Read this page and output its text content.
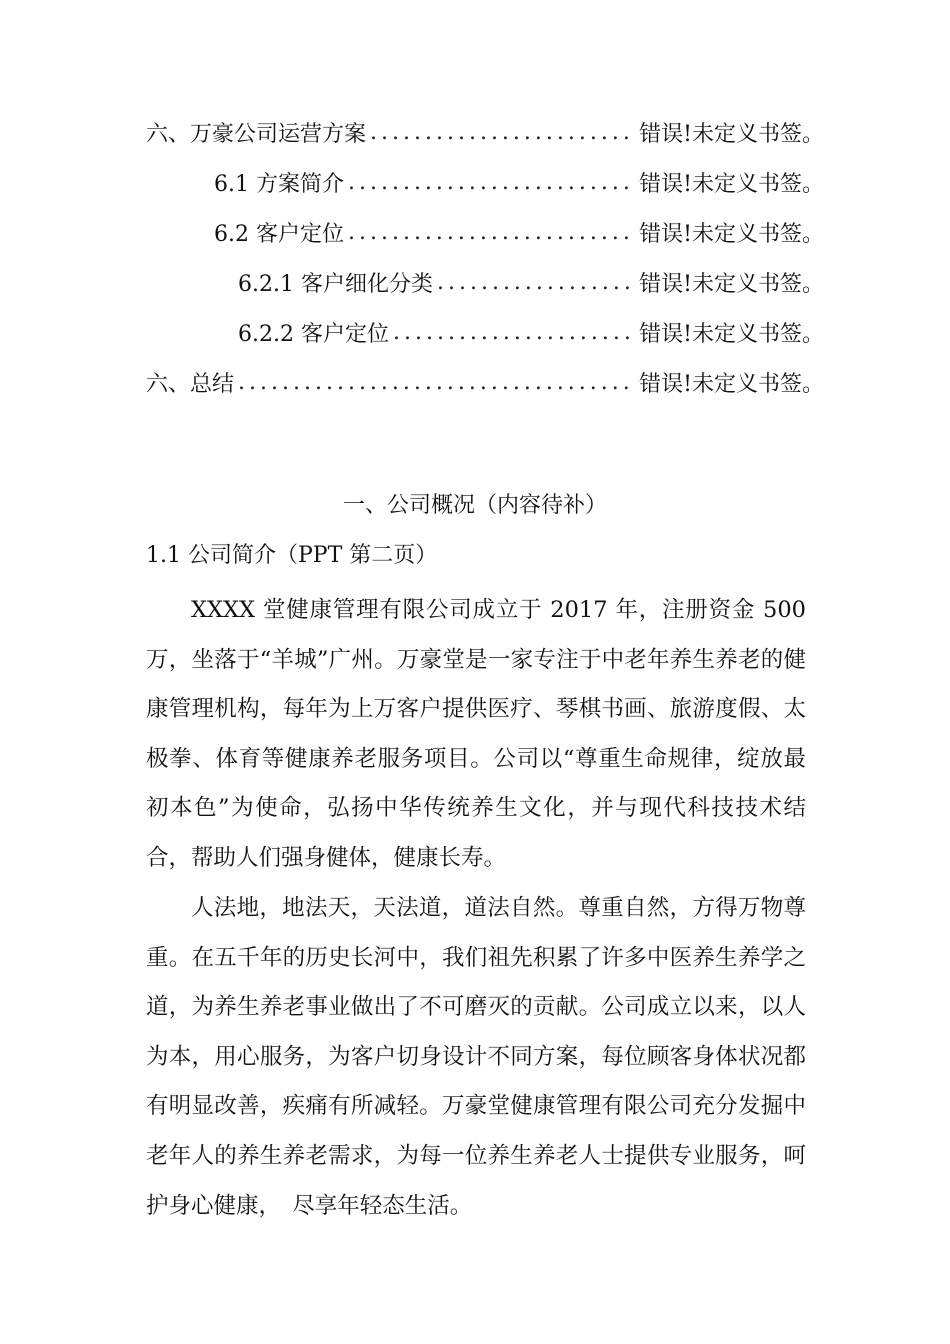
六、万豪公司运营方案 .....	错误!未定义书签。
6.1 方案简介 .....	错误!未定义书签。
6.2 客户定位 .....	错误!未定义书签。
6.2.1 客户细化分类 .....	错误!未定义书签。
6.2.2 客户定位 .....	错误!未定义书签。
六、总结 .....	错误!未定义书签。
一、公司概况（内容待补）
1.1 公司简介（PPT 第二页）

XXXX 堂健康管理有限公司成立于 2017 年，注册资金 500 万，坐落于“羊城”广州。万豪堂是一家专注于中老年养生养老的健康管理机构，每年为上万客户提供医疗、琴棋书画、旅游度假、太极拳、体育等健康养老服务项目。公司以“尊重生命规律，绽放最初本色”为使命，弘扬中华传统养生文化，并与现代科技技术结合，帮助人们强身健体，健康长寿。

人法地，地法天，天法道，道法自然。尊重自然，方得万物尊重。在五千年的历史长河中，我们祖先积累了许多中医养生养学之道，为养生养老事业做出了不可磨灭的贡献。公司成立以来，以人为本，用心服务，为客户切身设计不同方案，每位顾客身体状况都有明显改善，疾痛有所减轻。万豪堂健康管理有限公司充分发掘中老年人的养生养老需求，为每一位养生养老人士提供专业服务，呵护身心健康，　尽享年轻态生活。
